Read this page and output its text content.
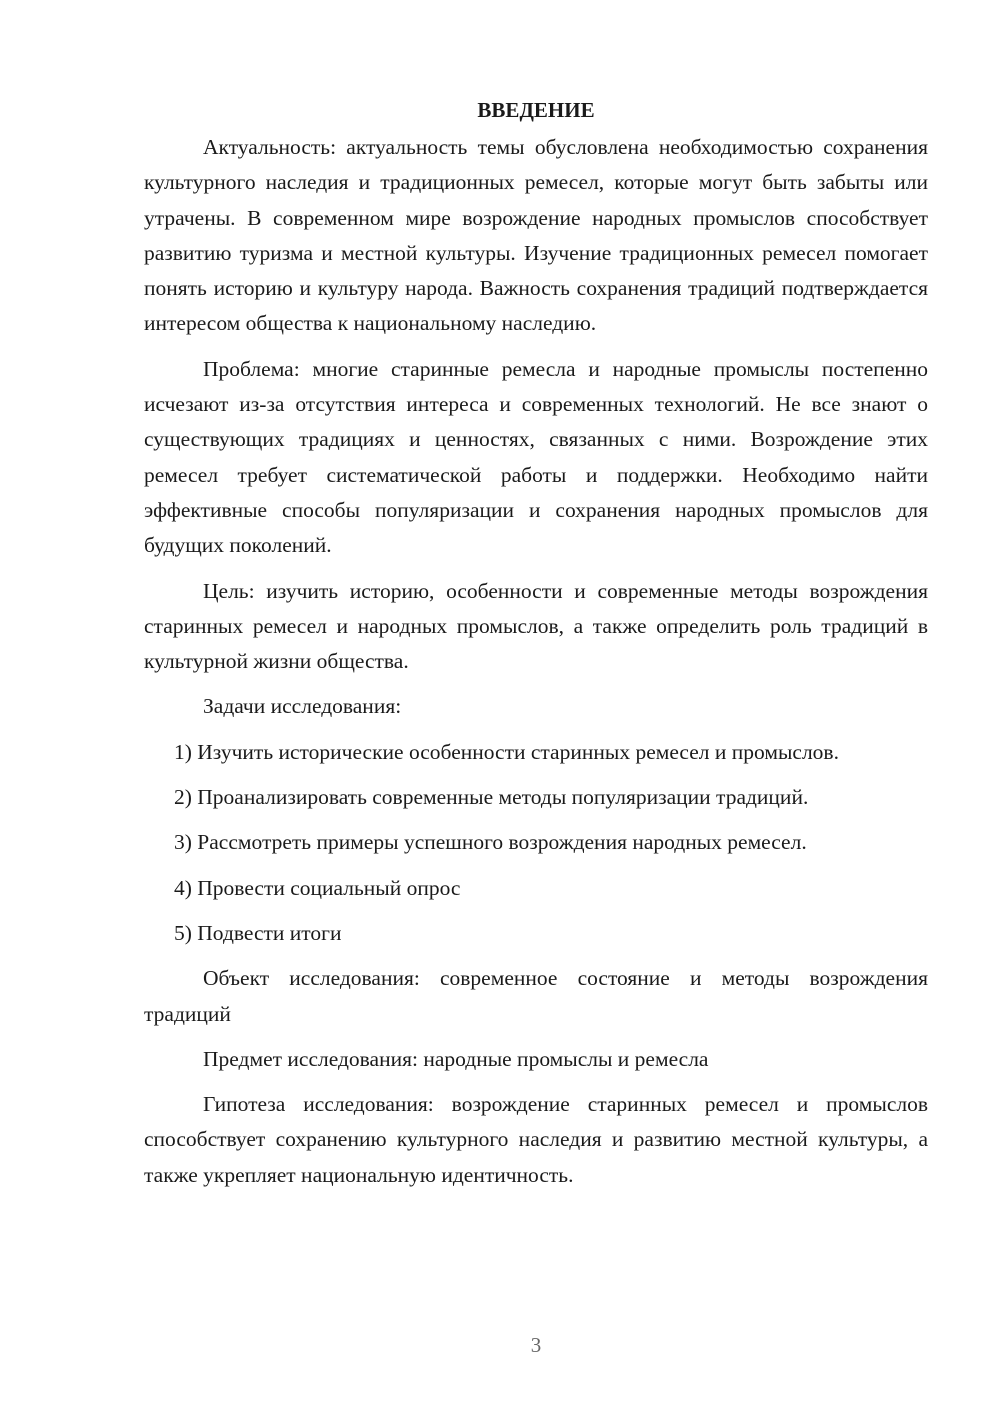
ВВЕДЕНИЕ

Актуальность: актуальность темы обусловлена необходимостью сохранения культурного наследия и традиционных ремесел, которые могут быть забыты или утрачены. В современном мире возрождение народных промыслов способствует развитию туризма и местной культуры. Изучение традиционных ремесел помогает понять историю и культуру народа. Важность сохранения традиций подтверждается интересом общества к национальному наследию.

Проблема: многие старинные ремесла и народные промыслы постепенно исчезают из-за отсутствия интереса и современных технологий. Не все знают о существующих традициях и ценностях, связанных с ними. Возрождение этих ремесел требует систематической работы и поддержки. Необходимо найти эффективные способы популяризации и сохранения народных промыслов для будущих поколений.

Цель: изучить историю, особенности и современные методы возрождения старинных ремесел и народных промыслов, а также определить роль традиций в культурной жизни общества.

Задачи исследования:

1) Изучить исторические особенности старинных ремесел и промыслов.

2) Проанализировать современные методы популяризации традиций.

3) Рассмотреть примеры успешного возрождения народных ремесел.

4) Провести социальный опрос

5) Подвести итоги

Объект исследования: современное состояние и методы возрождения традиций

Предмет исследования: народные промыслы и ремесла

Гипотеза исследования: возрождение старинных ремесел и промыслов способствует сохранению культурного наследия и развитию местной культуры, а также укрепляет национальную идентичность.

3
